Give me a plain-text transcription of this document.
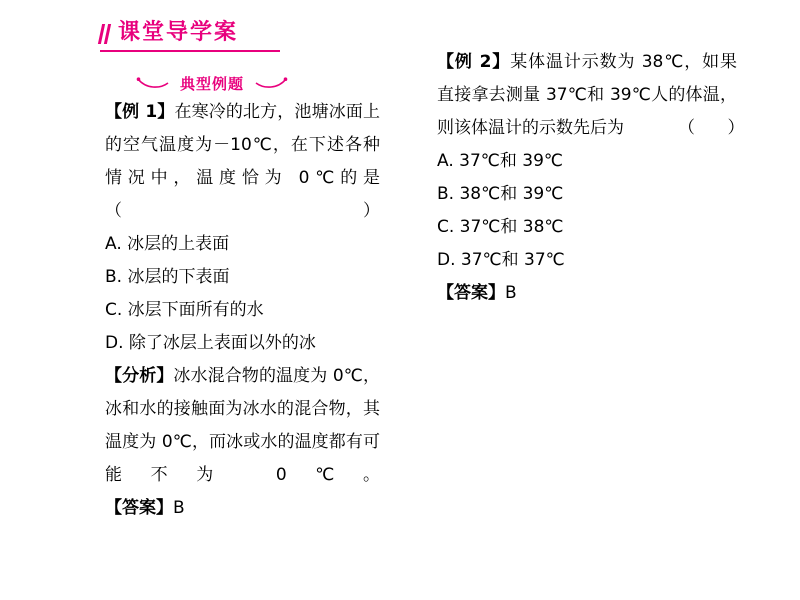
课堂导学案
典型例题

【例 1】在寒冷的北方，池塘冰面上的空气温度为－10℃，在下述各种情况中，温度恰为 0℃的是          （      ）

A. 冰层的上表面

B. 冰层的下表面

C. 冰层下面所有的水

D. 除了冰层上表面以外的冰

【分析】冰水混合物的温度为 0℃，冰和水的接触面为冰水的混合物，其温度为 0℃，而冰或水的温度都有可能不为 0℃。

【答案】B

【例 2】某体温计示数为 38℃，如果直接拿去测量 37℃和 39℃人的体温，则该体温计的示数先后为          （      ）

A. 37℃和 39℃

B. 38℃和 39℃

C. 37℃和 38℃

D. 37℃和 37℃

【答案】B
